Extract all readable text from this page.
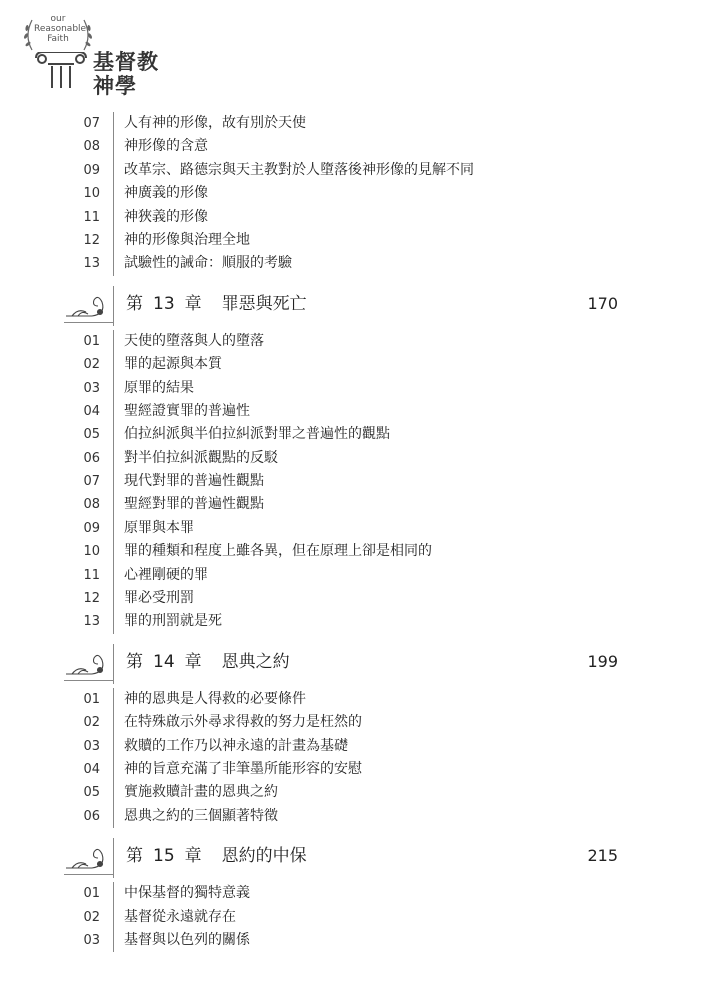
our
Reasonable
Faith
基督教
神學
07 人有神的形像，故有別於天使
08 神形像的含意
09 改革宗、路德宗與天主教對於人墮落後神形像的見解不同
10 神廣義的形像
11 神狹義的形像
12 神的形像與治理全地
13 試驗性的誡命：順服的考驗
第 13 章 罪惡與死亡	170
01 天使的墮落與人的墮落
02 罪的起源與本質
03 原罪的結果
04 聖經證實罪的普遍性
05 伯拉糾派與半伯拉糾派對罪之普遍性的觀點
06 對半伯拉糾派觀點的反駁
07 現代對罪的普遍性觀點
08 聖經對罪的普遍性觀點
09 原罪與本罪
10 罪的種類和程度上雖各異，但在原理上卻是相同的
11 心裡剛硬的罪
12 罪必受刑罰
13 罪的刑罰就是死
第 14 章 恩典之約	199
01 神的恩典是人得救的必要條件
02 在特殊啟示外尋求得救的努力是枉然的
03 救贖的工作乃以神永遠的計畫為基礎
04 神的旨意充滿了非筆墨所能形容的安慰
05 實施救贖計畫的恩典之約
06 恩典之約的三個顯著特徵
第 15 章 恩約的中保	215
01 中保基督的獨特意義
02 基督從永遠就存在
03 基督與以色列的關係
